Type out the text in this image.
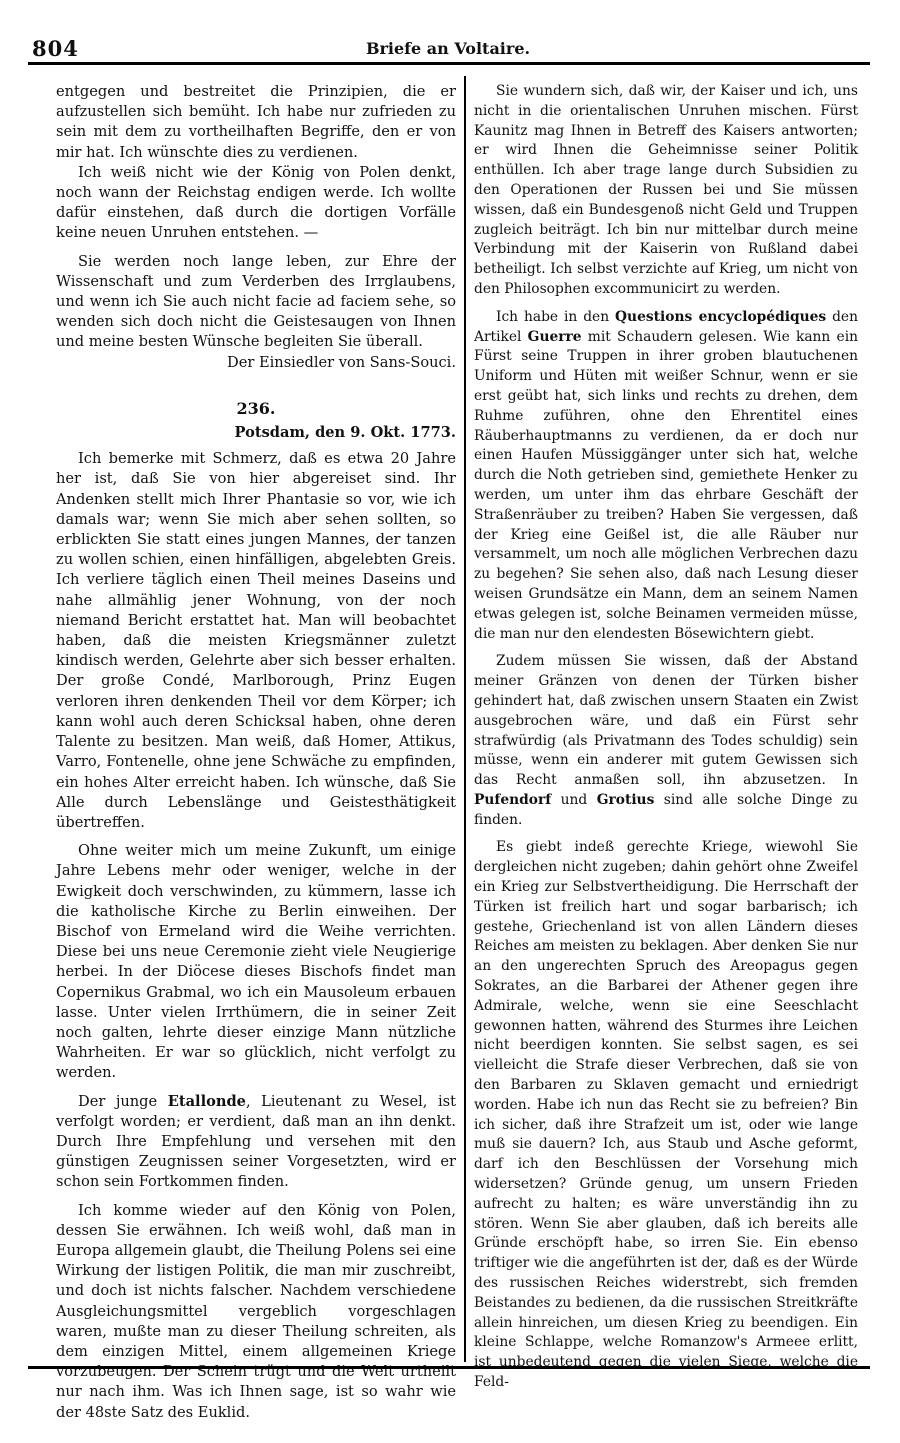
804	Briefe an Voltaire.

entgegen und bestreitet die Prinzipien, die er aufzustellen sich bemüht. Ich habe nur zufrieden zu sein mit dem zu vortheilhaften Begriffe, den er von mir hat. Ich wünschte dies zu verdienen.

Ich weiß nicht wie der König von Polen denkt, noch wann der Reichstag endigen werde. Ich wollte dafür einstehen, daß durch die dortigen Vorfälle keine neuen Unruhen entstehen. —

Sie werden noch lange leben, zur Ehre der Wissenschaft und zum Verderben des Irrglaubens, und wenn ich Sie auch nicht facie ad faciem sehe, so wenden sich doch nicht die Geistesaugen von Ihnen und meine besten Wünsche begleiten Sie überall.

Der Einsiedler von Sans-Souci.

236.
Potsdam, den 9. Okt. 1773.

Ich bemerke mit Schmerz, daß es etwa 20 Jahre her ist, daß Sie von hier abgereiset sind. Ihr Andenken stellt mich Ihrer Phantasie so vor, wie ich damals war; wenn Sie mich aber sehen sollten, so erblickten Sie statt eines jungen Mannes, der tanzen zu wollen schien, einen hinfälligen, abgelebten Greis. Ich verliere täglich einen Theil meines Daseins und nahe allmählig jener Wohnung, von der noch niemand Bericht erstattet hat. Man will beobachtet haben, daß die meisten Kriegsmänner zuletzt kindisch werden, Gelehrte aber sich besser erhalten. Der große Condé, Marlborough, Prinz Eugen verloren ihren denkenden Theil vor dem Körper; ich kann wohl auch deren Schicksal haben, ohne deren Talente zu besitzen. Man weiß, daß Homer, Attikus, Varro, Fontenelle, ohne jene Schwäche zu empfinden, ein hohes Alter erreicht haben. Ich wünsche, daß Sie Alle durch Lebenslänge und Geistesthätigkeit übertreffen.

Ohne weiter mich um meine Zukunft, um einige Jahre Lebens mehr oder weniger, welche in der Ewigkeit doch verschwinden, zu kümmern, lasse ich die katholische Kirche zu Berlin einweihen. Der Bischof von Ermeland wird die Weihe verrichten. Diese bei uns neue Ceremonie zieht viele Neugierige herbei. In der Diöcese dieses Bischofs findet man Copernikus Grabmal, wo ich ein Mausoleum erbauen lasse. Unter vielen Irrthümern, die in seiner Zeit noch galten, lehrte dieser einzige Mann nützliche Wahrheiten. Er war so glücklich, nicht verfolgt zu werden.

Der junge Etallonde, Lieutenant zu Wesel, ist verfolgt worden; er verdient, daß man an ihn denkt. Durch Ihre Empfehlung und versehen mit den günstigen Zeugnissen seiner Vorgesetzten, wird er schon sein Fortkommen finden.

Ich komme wieder auf den König von Polen, dessen Sie erwähnen. Ich weiß wohl, daß man in Europa allgemein glaubt, die Theilung Polens sei eine Wirkung der listigen Politik, die man mir zuschreibt, und doch ist nichts falscher. Nachdem verschiedene Ausgleichungsmittel vergeblich vorgeschlagen waren, mußte man zu dieser Theilung schreiten, als dem einzigen Mittel, einem allgemeinen Kriege vorzubeugen. Der Schein trügt und die Welt urtheilt nur nach ihm. Was ich Ihnen sage, ist so wahr wie der 48ste Satz des Euklid.

Sie wundern sich, daß wir, der Kaiser und ich, uns nicht in die orientalischen Unruhen mischen. Fürst Kaunitz mag Ihnen in Betreff des Kaisers antworten; er wird Ihnen die Geheimnisse seiner Politik enthüllen. Ich aber trage lange durch Subsidien zu den Operationen der Russen bei und Sie müssen wissen, daß ein Bundesgenoß nicht Geld und Truppen zugleich beiträgt. Ich bin nur mittelbar durch meine Verbindung mit der Kaiserin von Rußland dabei betheiligt. Ich selbst verzichte auf Krieg, um nicht von den Philosophen excommunicirt zu werden.

Ich habe in den Questions encyclopédiques den Artikel Guerre mit Schaudern gelesen. Wie kann ein Fürst seine Truppen in ihrer groben blautuchenen Uniform und Hüten mit weißer Schnur, wenn er sie erst geübt hat, sich links und rechts zu drehen, dem Ruhme zuführen, ohne den Ehrentitel eines Räuberhauptmanns zu verdienen, da er doch nur einen Haufen Müssiggänger unter sich hat, welche durch die Noth getrieben sind, gemiethete Henker zu werden, um unter ihm das ehrbare Geschäft der Straßenräuber zu treiben? Haben Sie vergessen, daß der Krieg eine Geißel ist, die alle Räuber nur versammelt, um noch alle möglichen Verbrechen dazu zu begehen? Sie sehen also, daß nach Lesung dieser weisen Grundsätze ein Mann, dem an seinem Namen etwas gelegen ist, solche Beinamen vermeiden müsse, die man nur den elendesten Bösewichtern giebt.

Zudem müssen Sie wissen, daß der Abstand meiner Gränzen von denen der Türken bisher gehindert hat, daß zwischen unsern Staaten ein Zwist ausgebrochen wäre, und daß ein Fürst sehr strafwürdig (als Privatmann des Todes schuldig) sein müsse, wenn ein anderer mit gutem Gewissen sich das Recht anmaßen soll, ihn abzusetzen. In Pufendorf und Grotius sind alle solche Dinge zu finden.

Es giebt indeß gerechte Kriege, wiewohl Sie dergleichen nicht zugeben; dahin gehört ohne Zweifel ein Krieg zur Selbstvertheidigung. Die Herrschaft der Türken ist freilich hart und sogar barbarisch; ich gestehe, Griechenland ist von allen Ländern dieses Reiches am meisten zu beklagen. Aber denken Sie nur an den ungerechten Spruch des Areopagus gegen Sokrates, an die Barbarei der Athener gegen ihre Admirale, welche, wenn sie eine Seeschlacht gewonnen hatten, während des Sturmes ihre Leichen nicht beerdigen konnten. Sie selbst sagen, es sei vielleicht die Strafe dieser Verbrechen, daß sie von den Barbaren zu Sklaven gemacht und erniedrigt worden. Habe ich nun das Recht sie zu befreien? Bin ich sicher, daß ihre Strafzeit um ist, oder wie lange muß sie dauern? Ich, aus Staub und Asche geformt, darf ich den Beschlüssen der Vorsehung mich widersetzen? Gründe genug, um unsern Frieden aufrecht zu halten; es wäre unverständig ihn zu stören. Wenn Sie aber glauben, daß ich bereits alle Gründe erschöpft habe, so irren Sie. Ein ebenso triftiger wie die angeführten ist der, daß es der Würde des russischen Reiches widerstrebt, sich fremden Beistandes zu bedienen, da die russischen Streitkräfte allein hinreichen, um diesen Krieg zu beendigen. Ein kleine Schlappe, welche Romanzow's Armeee erlitt, ist unbedeutend gegen die vielen Siege, welche die Feld-
